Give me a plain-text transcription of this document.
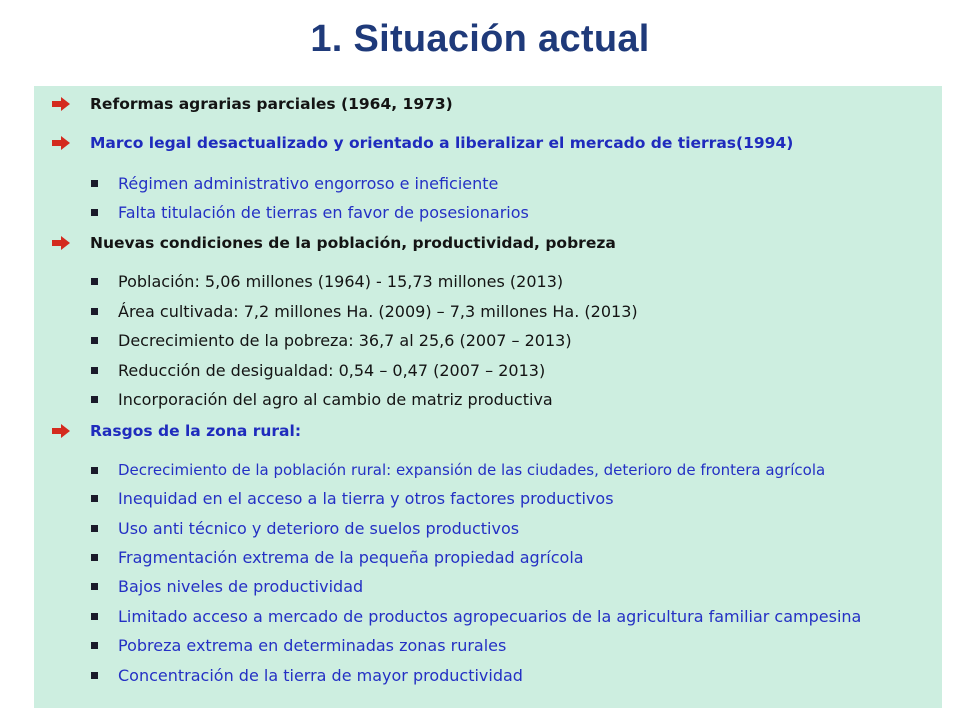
1. Situación actual
Reformas agrarias parciales (1964, 1973)
Marco legal desactualizado y orientado a liberalizar el mercado de tierras(1994)
Régimen administrativo engorroso e ineficiente
Falta titulación de tierras en favor de posesionarios
Nuevas condiciones de la población, productividad, pobreza
Población: 5,06 millones (1964) - 15,73 millones (2013)
Área cultivada: 7,2 millones Ha. (2009) – 7,3 millones Ha. (2013)
Decrecimiento de la pobreza: 36,7 al 25,6 (2007 – 2013)
Reducción de desigualdad: 0,54 – 0,47 (2007 – 2013)
Incorporación del agro al cambio de matriz productiva
Rasgos de la zona rural:
Decrecimiento de la población rural: expansión de las ciudades, deterioro de frontera agrícola
Inequidad en el acceso a la tierra y otros factores productivos
Uso anti técnico y deterioro de suelos productivos
Fragmentación extrema de la pequeña propiedad agrícola
Bajos niveles de productividad
Limitado acceso a mercado de productos agropecuarios de la agricultura familiar campesina
Pobreza extrema en determinadas zonas rurales
Concentración de la tierra de mayor productividad
